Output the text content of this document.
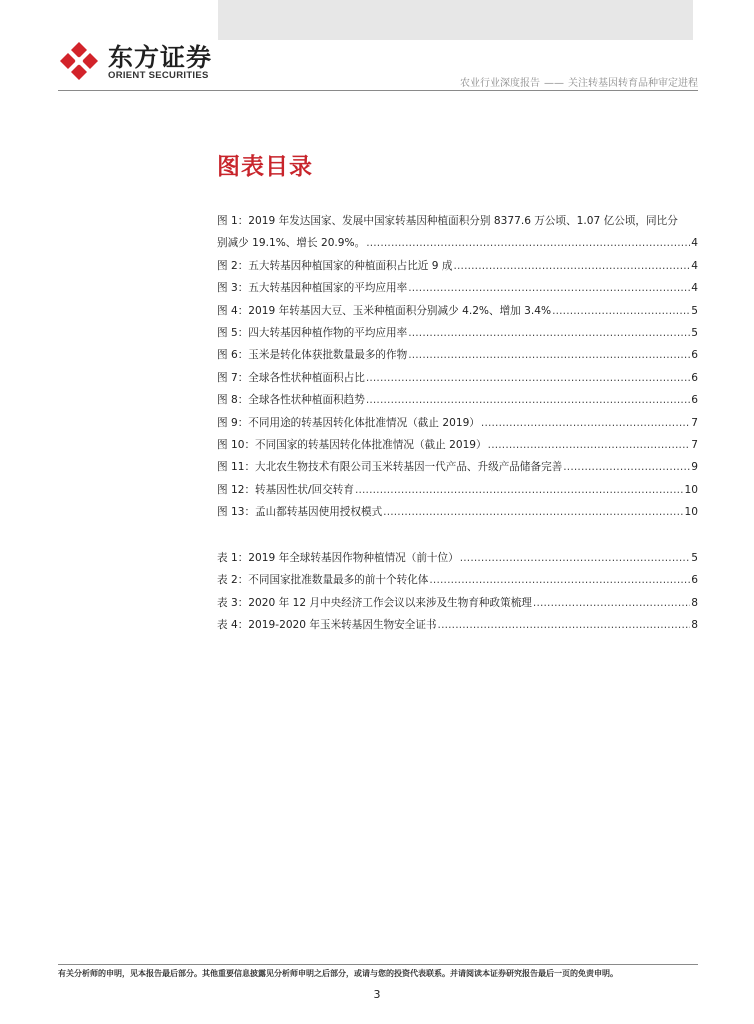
东方证券
ORIENT SECURITIES
农业行业深度报告 —— 关注转基因转育品种审定进程
图表目录
图 1：2019 年发达国家、发展中国家转基因种植面积分别 8377.6 万公顷、1.07 亿公顷，同比分
别减少 19.1%、增长 20.9%。 . . .	4
图 2：五大转基因种植国家的种植面积占比近 9 成 . . .	4
图 3：五大转基因种植国家的平均应用率 . . .	4
图 4：2019 年转基因大豆、玉米种植面积分别减少 4.2%、增加 3.4% . . .	5
图 5：四大转基因种植作物的平均应用率 . . .	5
图 6：玉米是转化体获批数量最多的作物 . . .	6
图 7：全球各性状种植面积占比 . . .	6
图 8：全球各性状种植面积趋势 . . .	6
图 9：不同用途的转基因转化体批准情况（截止 2019） . . .	7
图 10：不同国家的转基因转化体批准情况（截止 2019） . . .	7
图 11：大北农生物技术有限公司玉米转基因一代产品、升级产品储备完善 . . .	9
图 12：转基因性状/回交转育 . . .	10
图 13：孟山都转基因使用授权模式 . . .	10
表 1：2019 年全球转基因作物种植情况（前十位） . . .	5
表 2：不同国家批准数量最多的前十个转化体 . . .	6
表 3：2020 年 12 月中央经济工作会议以来涉及生物育种政策梳理 . . .	8
表 4：2019-2020 年玉米转基因生物安全证书 . . .	8
有关分析师的申明，见本报告最后部分。其他重要信息披露见分析师申明之后部分，或请与您的投资代表联系。并请阅读本证券研究报告最后一页的免责申明。
3
